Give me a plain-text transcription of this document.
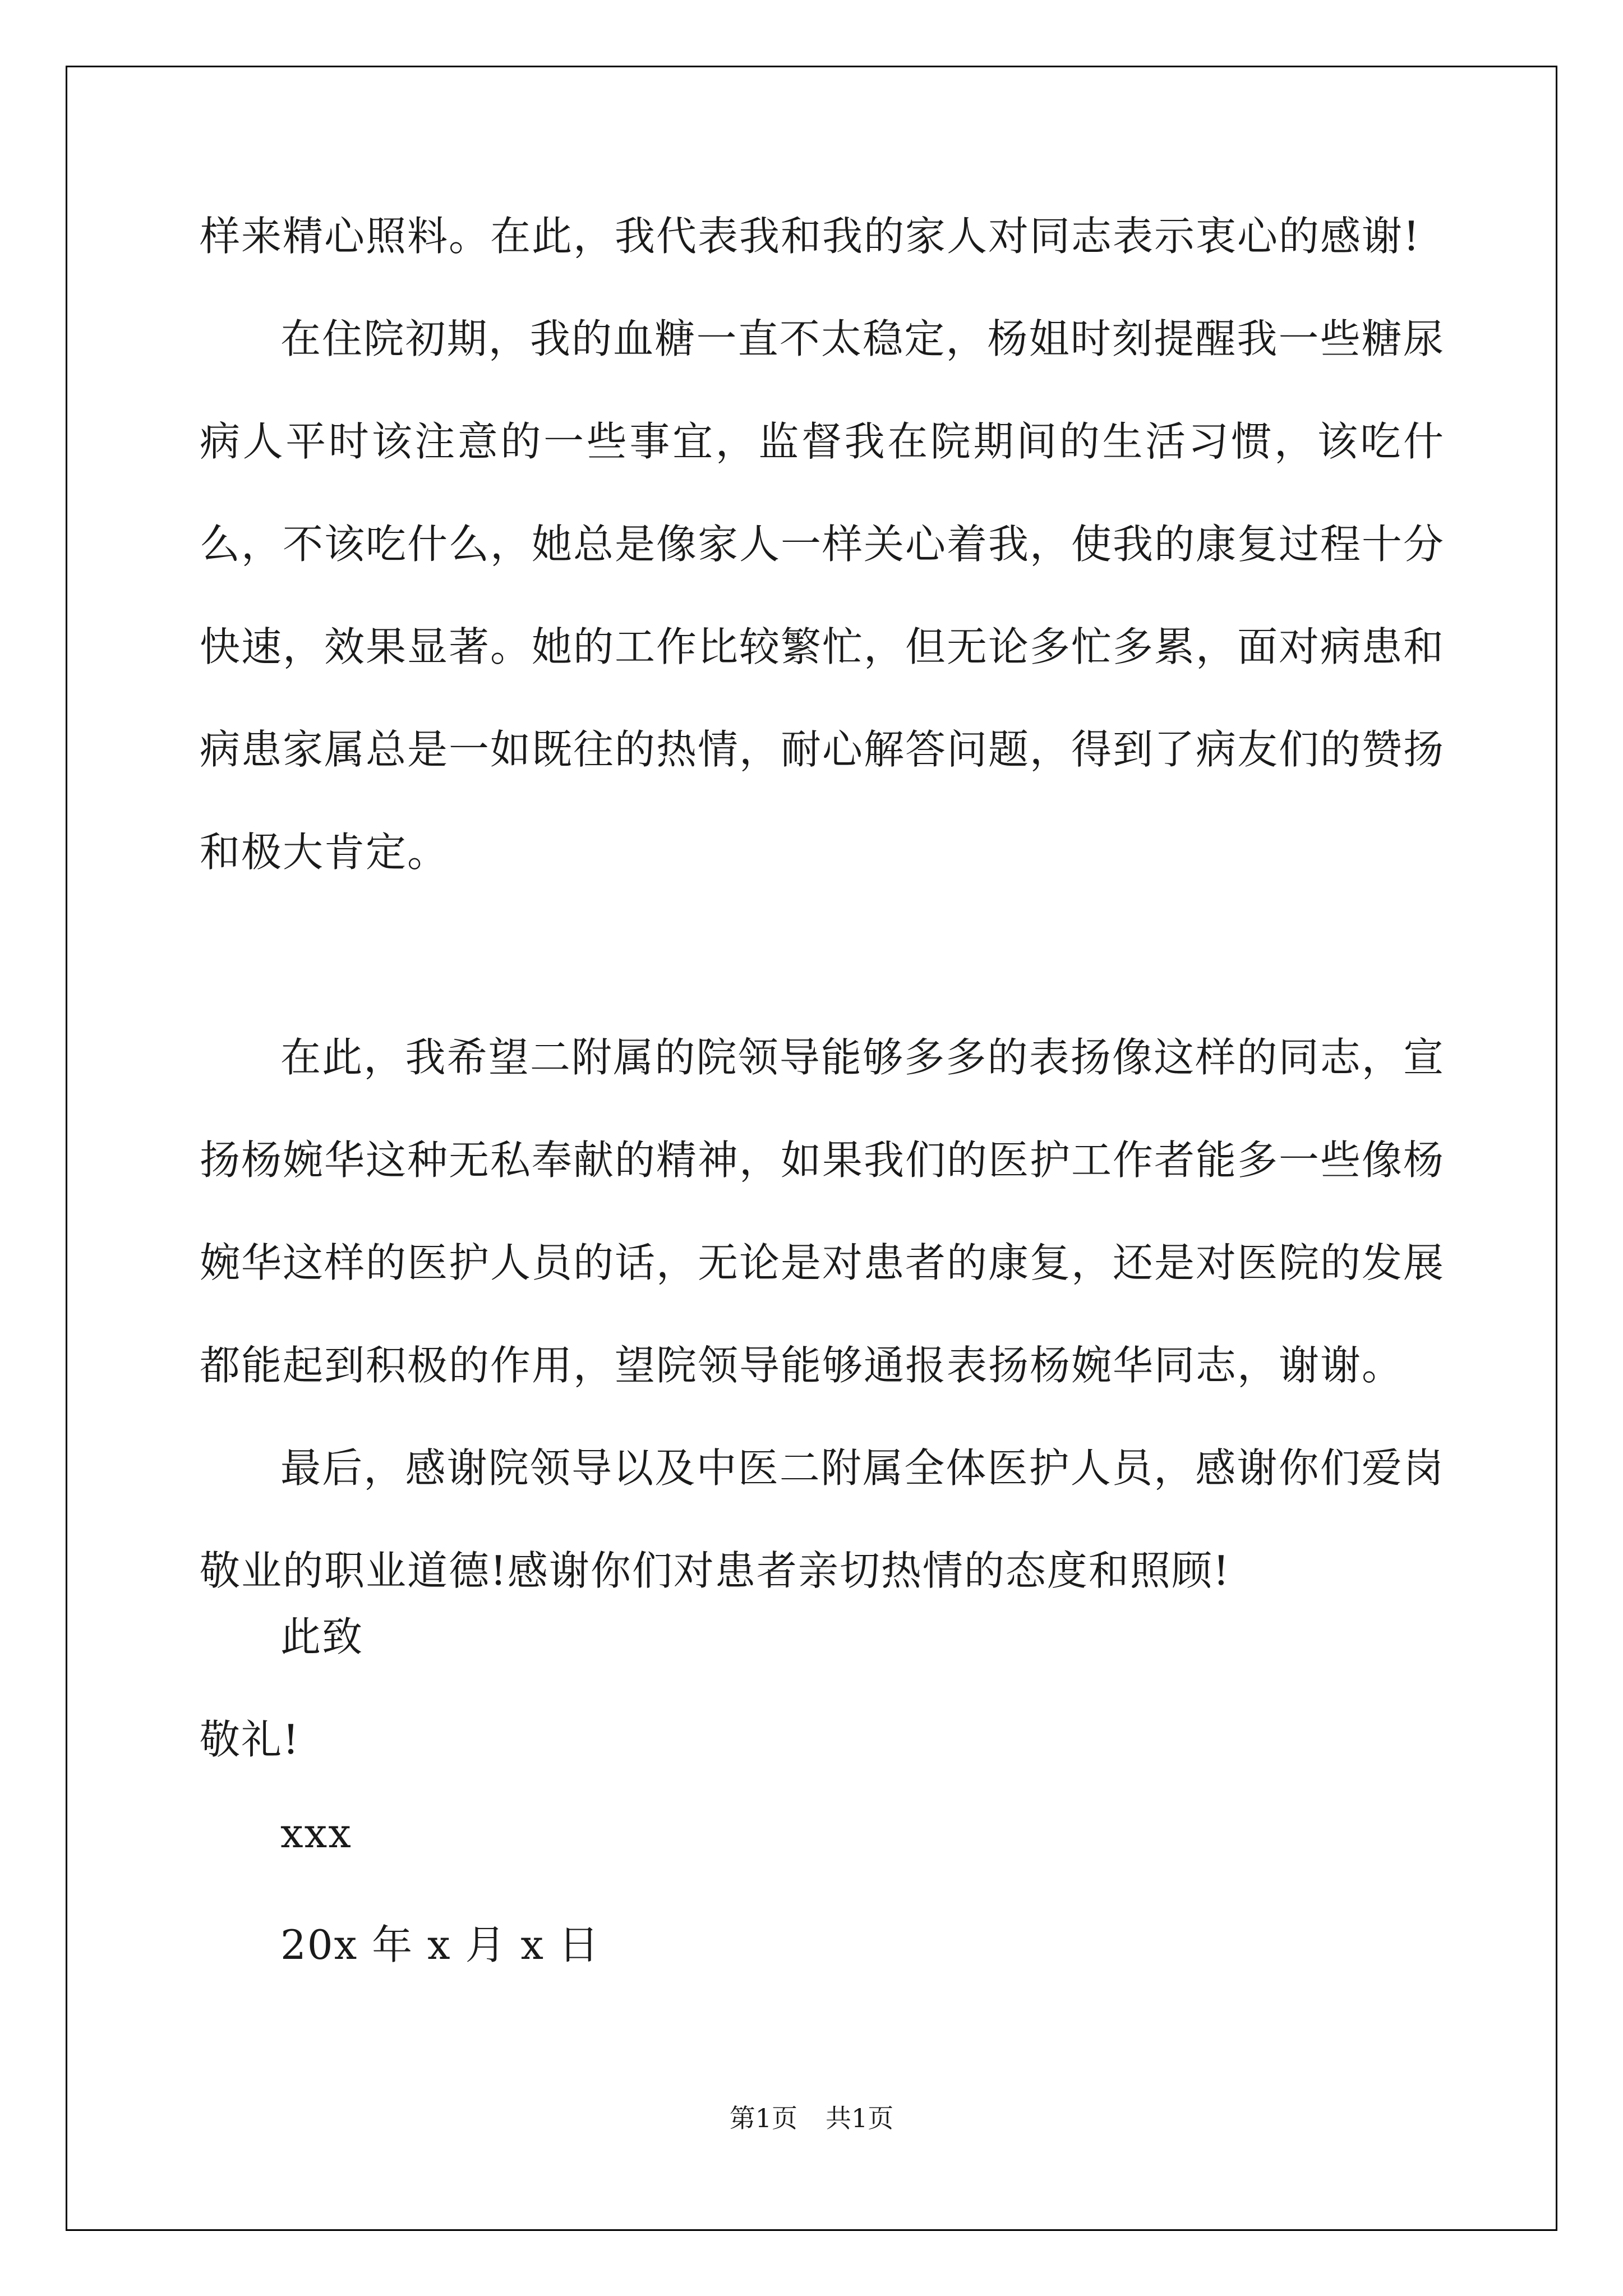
样来精心照料。在此，我代表我和我的家人对同志表示衷心的感谢!

在住院初期，我的血糖一直不太稳定，杨姐时刻提醒我一些糖尿病人平时该注意的一些事宜，监督我在院期间的生活习惯，该吃什么，不该吃什么，她总是像家人一样关心着我，使我的康复过程十分快速，效果显著。她的工作比较繁忙，但无论多忙多累，面对病患和病患家属总是一如既往的热情，耐心解答问题，得到了病友们的赞扬和极大肯定。

在此，我希望二附属的院领导能够多多的表扬像这样的同志，宣扬杨婉华这种无私奉献的精神，如果我们的医护工作者能多一些像杨婉华这样的医护人员的话，无论是对患者的康复，还是对医院的发展都能起到积极的作用，望院领导能够通报表扬杨婉华同志，谢谢。

最后，感谢院领导以及中医二附属全体医护人员，感谢你们爱岗敬业的职业道德!感谢你们对患者亲切热情的态度和照顾!

此致
敬礼!
xxx
20x 年 x 月 x 日
第1页 共1页
